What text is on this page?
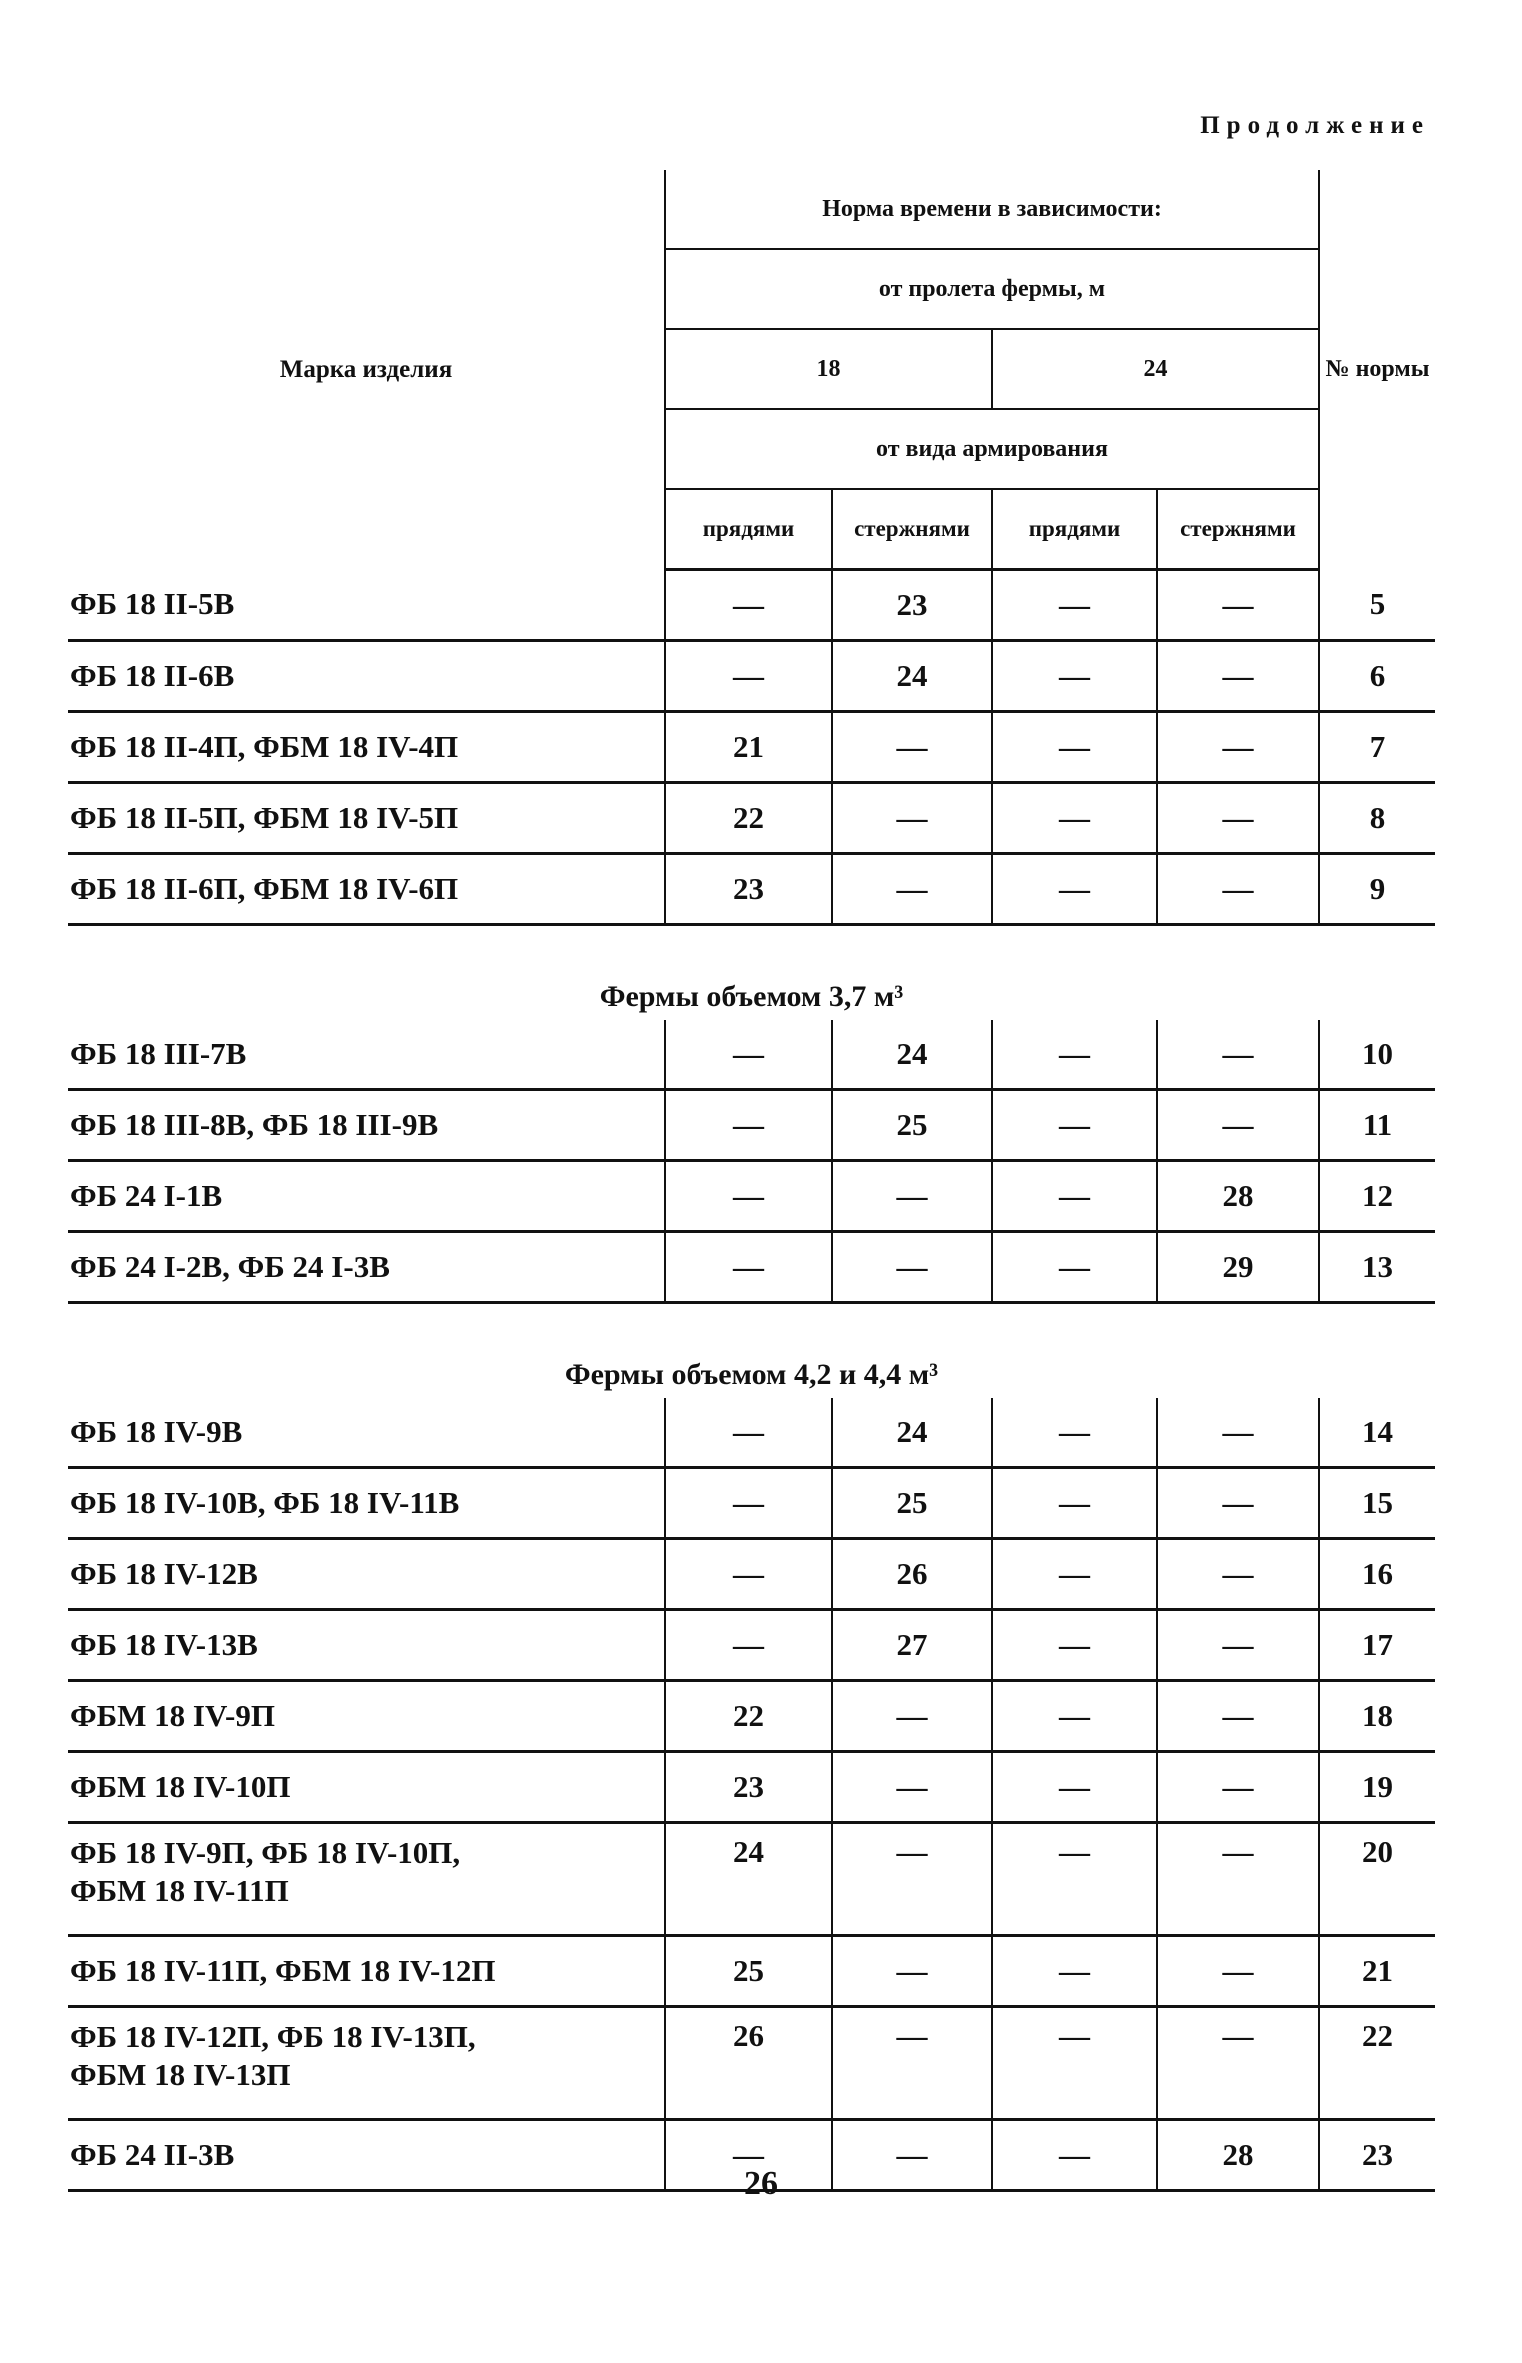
Продолжение
Марка изделия	Норма времени в зависимости:				№ нормы
	от пролета фермы, м				
	18		24		
	от вида армирования				
	прядями	стержнями	прядями	стержнями	
ФБ 18 II-5В	—	23	—	—	5
ФБ 18 II-6В	—	24	—	—	6
ФБ 18 II-4П, ФБМ 18 IV-4П	21	—	—	—	7
ФБ 18 II-5П, ФБМ 18 IV-5П	22	—	—	—	8
ФБ 18 II-6П, ФБМ 18 IV-6П	23	—	—	—	9
Фермы объемом 3,7 м³					
ФБ 18 III-7В	—	24	—	—	10
ФБ 18 III-8В, ФБ 18 III-9В	—	25	—	—	11
ФБ 24 I-1В	—	—	—	28	12
ФБ 24 I-2В, ФБ 24 I-3В	—	—	—	29	13
Фермы объемом 4,2 и 4,4 м³					
ФБ 18 IV-9В	—	24	—	—	14
ФБ 18 IV-10В, ФБ 18 IV-11В	—	25	—	—	15
ФБ 18 IV-12В	—	26	—	—	16
ФБ 18 IV-13В	—	27	—	—	17
ФБМ 18 IV-9П	22	—	—	—	18
ФБМ 18 IV-10П	23	—	—	—	19

ФБ 18 IV-9П, ФБ 18 IV-10П,
ФБМ 18 IV-11П	24	—	—	—	20
ФБ 18 IV-11П, ФБМ 18 IV-12П	25	—	—	—	21

ФБ 18 IV-12П, ФБ 18 IV-13П,
ФБМ 18 IV-13П	26	—	—	—	22
ФБ 24 II-3В	—	—	—	28	23
26
